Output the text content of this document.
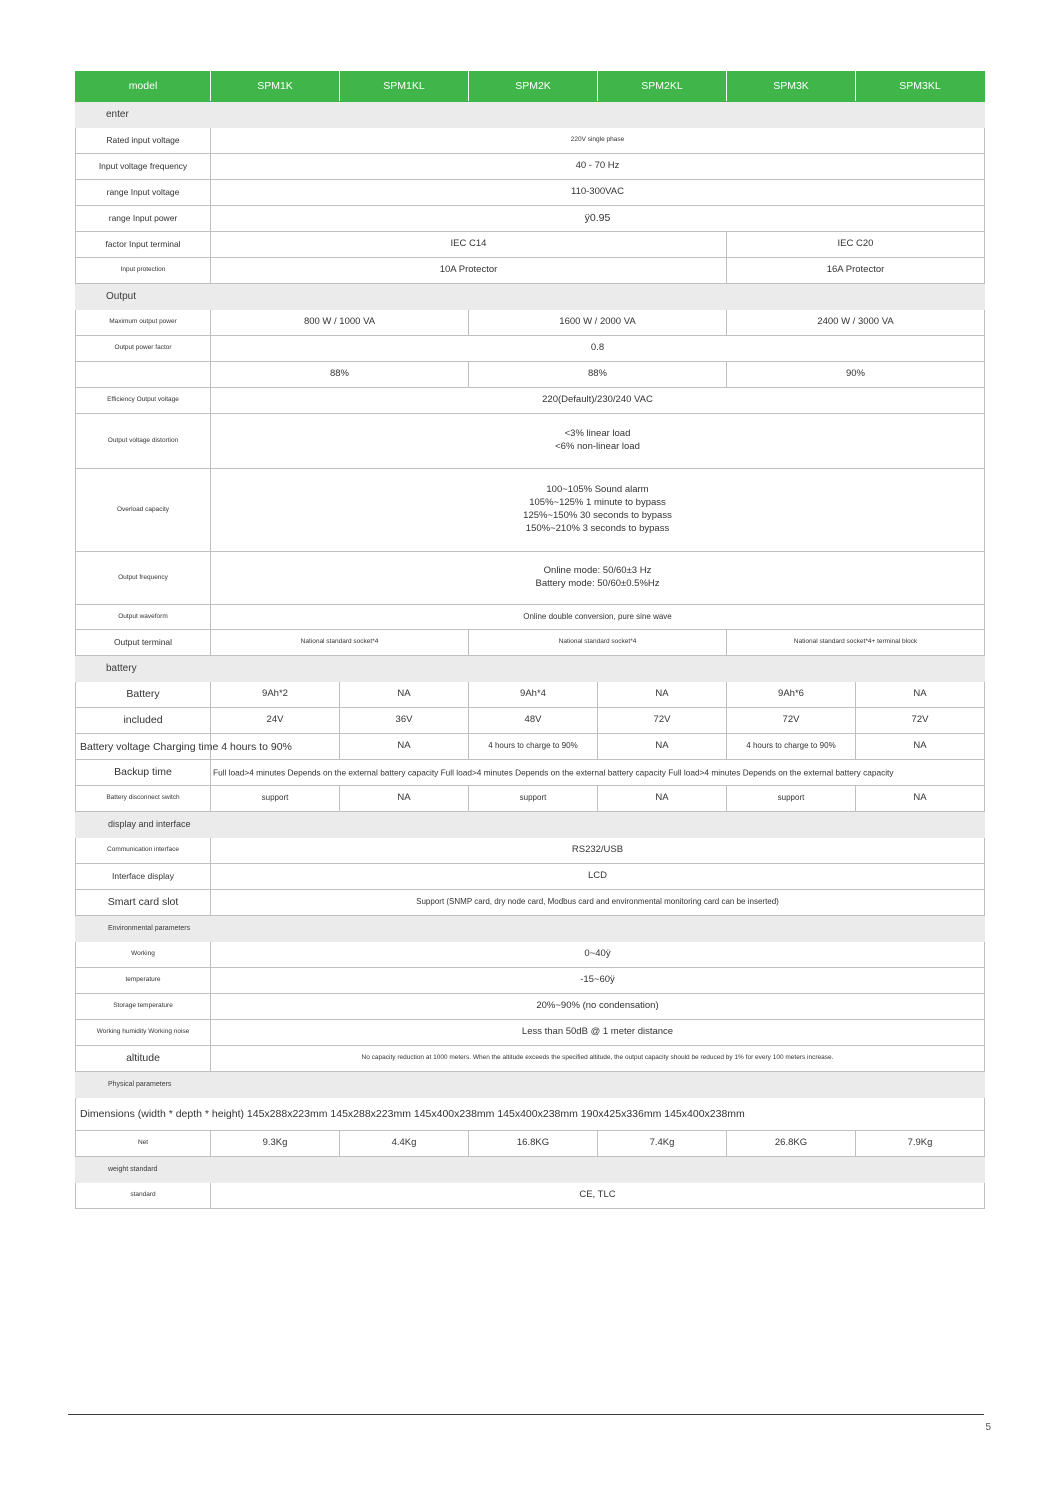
model	SPM1K	SPM1KL	SPM2K	SPM2KL	SPM3K	SPM3KL
enter						
Rated input voltage	220V single phase					
Input voltage frequency	40 - 70 Hz					
range Input voltage	110-300VAC					
range Input power	ÿ0.95					
factor Input terminal	IEC C14				IEC C20	
Input protection	10A Protector				16A Protector	
Output						
Maximum output power	800 W / 1000 VA		1600 W / 2000 VA		2400 W / 3000 VA	
Output power factor	0.8					
	88%		88%		90%	
Efficiency Output voltage	220(Default)/230/240 VAC					
Output voltage distortion	<3% linear load
<6% non-linear load					

Overload capacity	100~105% Sound alarm
105%~125% 1 minute to bypass
125%~150% 30 seconds to bypass
150%~210% 3 seconds to bypass					

Output frequency	Online mode: 50/60±3 Hz
Battery mode: 50/60±0.5%Hz					

Output waveform	Online double conversion, pure sine wave					
Output terminal	National standard socket*4		National standard socket*4		National standard socket*4+ terminal block	
battery						
Battery	9Ah*2	NA	9Ah*4	NA	9Ah*6	NA
included	24V	36V	48V	72V	72V	72V

Battery voltage Charging time 4 hours to 90%		NA	4 hours to charge to 90%	NA	4 hours to charge to 90%	NA
Backup time	Full load>4 minutes Depends on the external battery capacity Full load>4 minutes Depends on the external battery capacity Full load>4 minutes Depends on the external battery capacity					

Battery disconnect switch	support	NA	support	NA	support	NA
display and interface						
Communication interface	RS232/USB					
Interface display	LCD					
Smart card slot	Support (SNMP card, dry node card, Modbus card and environmental monitoring card can be inserted)					
Environmental parameters						
Working	0~40ÿ					
temperature	-15~60ÿ					
Storage temperature	20%~90% (no condensation)					
Working humidity Working noise	Less than 50dB @ 1 meter distance					
altitude	No capacity reduction at 1000 meters. When the altitude exceeds the specified altitude, the output capacity should be reduced by 1% for every 100 meters increase.					
Physical parameters						

Dimensions (width * depth * height) 145x288x223mm 145x288x223mm 145x400x238mm 145x400x238mm 190x425x336mm 145x400x238mm						

Net	9.3Kg	4.4Kg	16.8KG	7.4Kg	26.8KG	7.9Kg
weight standard						
standard	CE, TLC					
5
